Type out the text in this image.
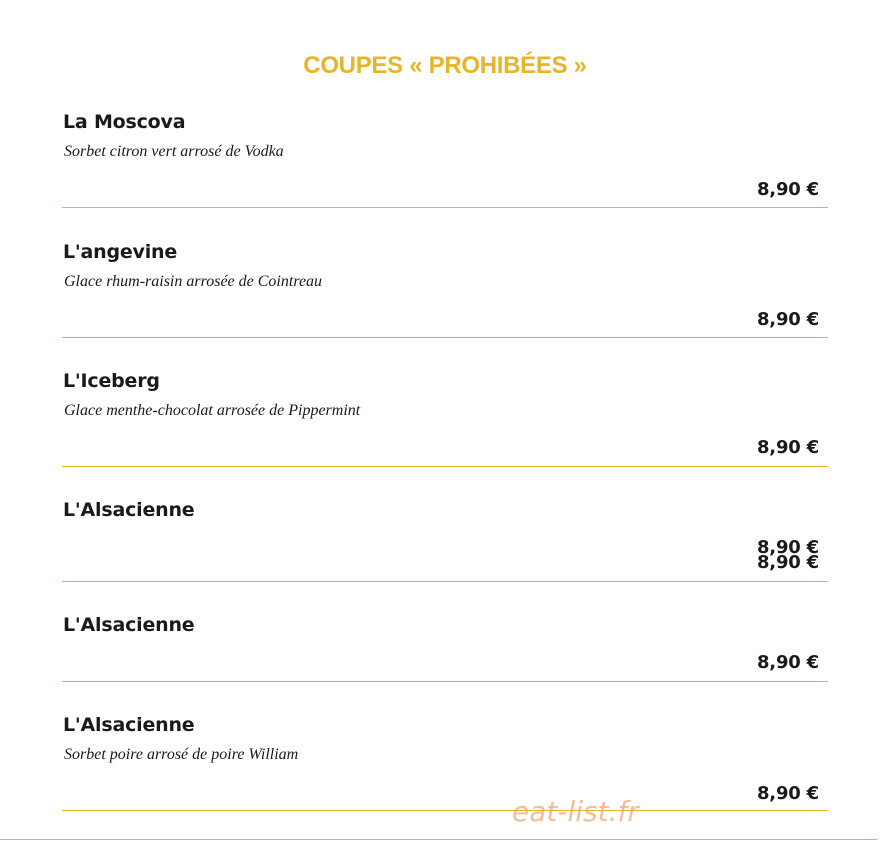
COUPES « PROHIBÉES »
La Moscova
Sorbet citron vert arrosé de Vodka
8,90 €
L'angevine
Glace rhum-raisin arrosée de Cointreau
8,90 €
L'Iceberg
Glace menthe-chocolat arrosée de Pippermint
8,90 €
L'Alsacienne
8,90 €
8,90 €
L'Alsacienne
8,90 €
L'Alsacienne
Sorbet poire arrosé de poire William
8,90 €
eat-list.fr
